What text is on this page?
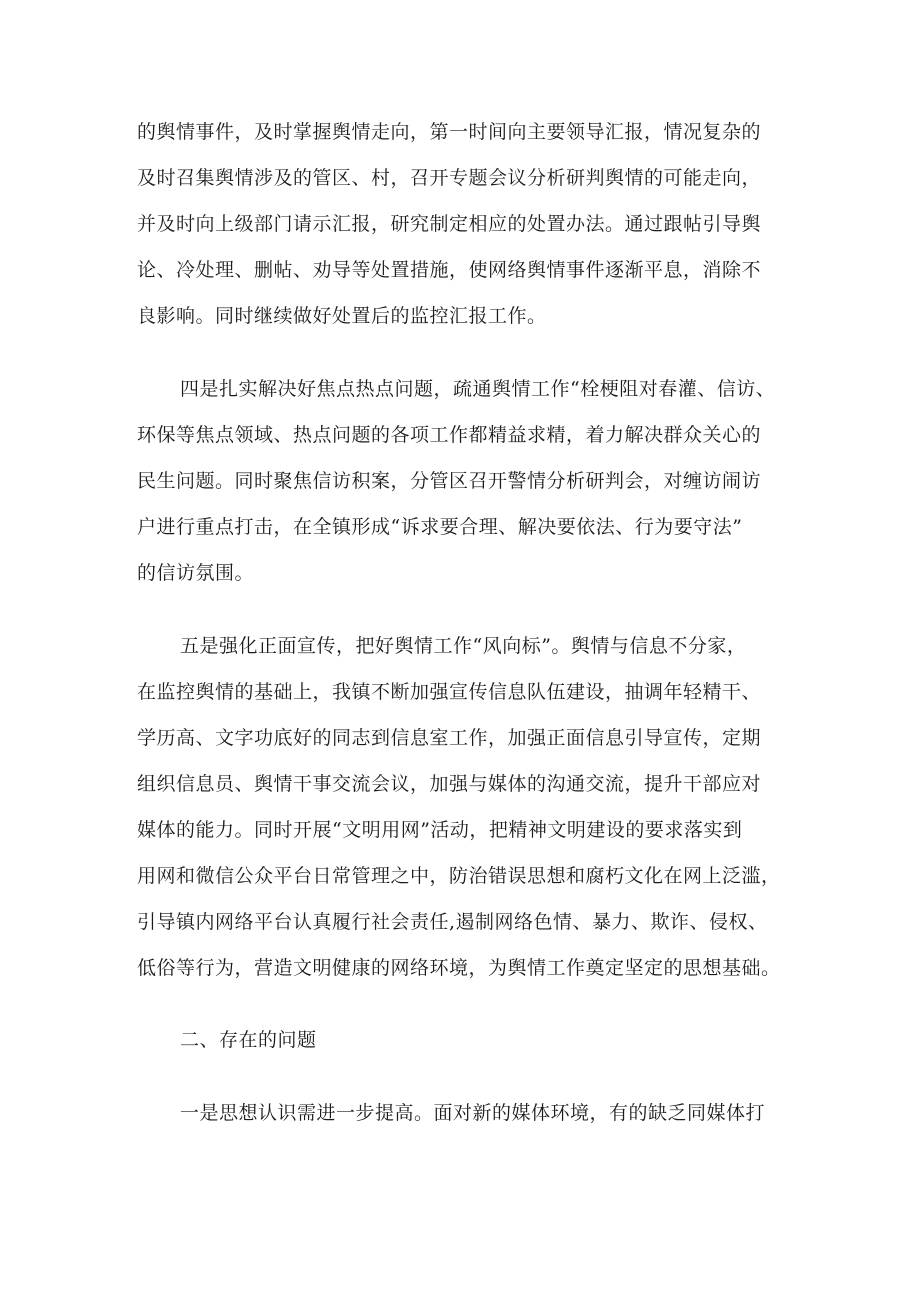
的舆情事件，及时掌握舆情走向，第一时间向主要领导汇报，情况复杂的
及时召集舆情涉及的管区、村，召开专题会议分析研判舆情的可能走向，
并及时向上级部门请示汇报，研究制定相应的处置办法。通过跟帖引导舆
论、冷处理、删帖、劝导等处置措施，使网络舆情事件逐渐平息，消除不
良影响。同时继续做好处置后的监控汇报工作。
四是扎实解决好焦点热点问题，疏通舆情工作“栓梗阻对春灌、信访、
环保等焦点领域、热点问题的各项工作都精益求精，着力解决群众关心的
民生问题。同时聚焦信访积案，分管区召开警情分析研判会，对缠访闹访
户进行重点打击，在全镇形成“诉求要合理、解决要依法、行为要守法”
的信访氛围。
五是强化正面宣传，把好舆情工作“风向标”。舆情与信息不分家，
在监控舆情的基础上，我镇不断加强宣传信息队伍建设，抽调年轻精干、
学历高、文字功底好的同志到信息室工作，加强正面信息引导宣传，定期
组织信息员、舆情干事交流会议，加强与媒体的沟通交流，提升干部应对
媒体的能力。同时开展“文明用网”活动，把精神文明建设的要求落实到
用网和微信公众平台日常管理之中，防治错误思想和腐朽文化在网上泛滥，
引导镇内网络平台认真履行社会责任,遏制网络色情、暴力、欺诈、侵权、
低俗等行为，营造文明健康的网络环境，为舆情工作奠定坚定的思想基础。
二、存在的问题
一是思想认识需进一步提高。面对新的媒体环境，有的缺乏同媒体打
